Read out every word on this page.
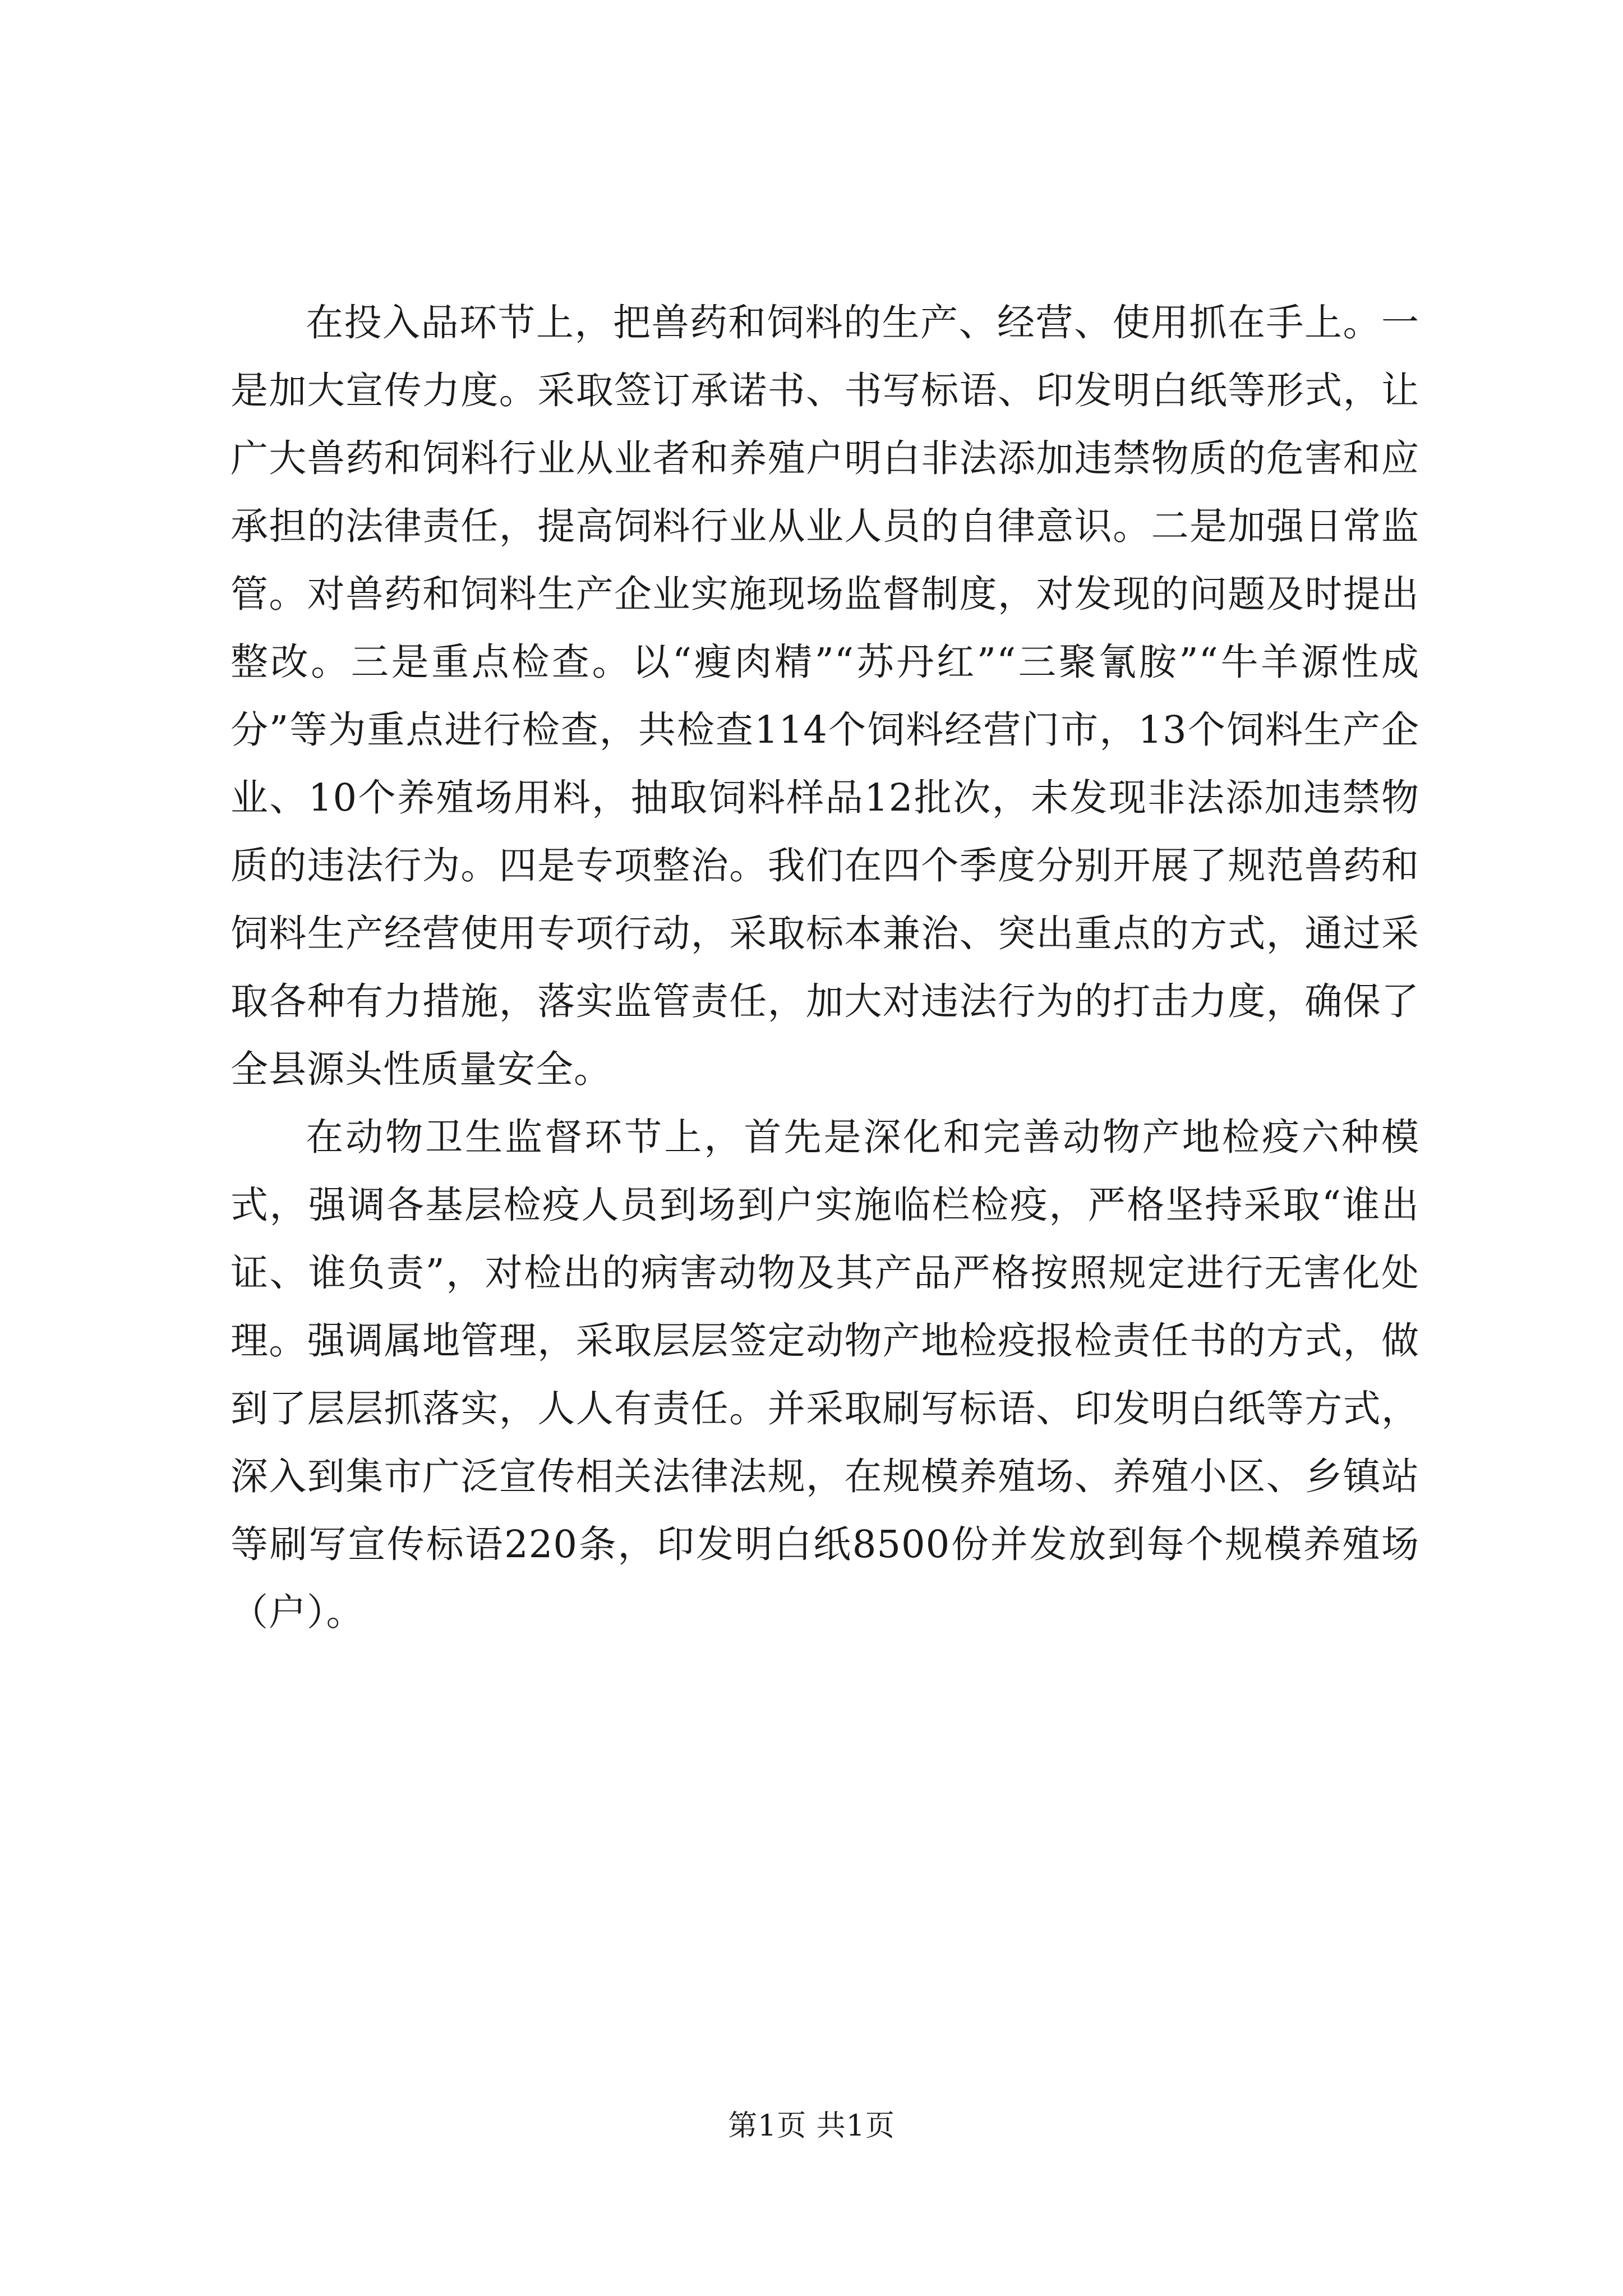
在投入品环节上，把兽药和饲料的生产、经营、使用抓在手上。一是加大宣传力度。采取签订承诺书、书写标语、印发明白纸等形式，让广大兽药和饲料行业从业者和养殖户明白非法添加违禁物质的危害和应承担的法律责任，提高饲料行业从业人员的自律意识。二是加强日常监管。对兽药和饲料生产企业实施现场监督制度，对发现的问题及时提出整改。三是重点检查。以“瘦肉精”“苏丹红”“三聚氰胺”“牛羊源性成分”等为重点进行检查，共检查114个饲料经营门市，13个饲料生产企业、10个养殖场用料，抽取饲料样品12批次，未发现非法添加违禁物质的违法行为。四是专项整治。我们在四个季度分别开展了规范兽药和饲料生产经营使用专项行动，采取标本兼治、突出重点的方式，通过采取各种有力措施，落实监管责任，加大对违法行为的打击力度，确保了全县源头性质量安全。

在动物卫生监督环节上，首先是深化和完善动物产地检疫六种模式，强调各基层检疫人员到场到户实施临栏检疫，严格坚持采取“谁出证、谁负责”，对检出的病害动物及其产品严格按照规定进行无害化处理。强调属地管理，采取层层签定动物产地检疫报检责任书的方式，做到了层层抓落实，人人有责任。并采取刷写标语、印发明白纸等方式，深入到集市广泛宣传相关法律法规，在规模养殖场、养殖小区、乡镇站等刷写宣传标语220条，印发明白纸8500份并发放到每个规模养殖场（户）。

第1页 共1页
